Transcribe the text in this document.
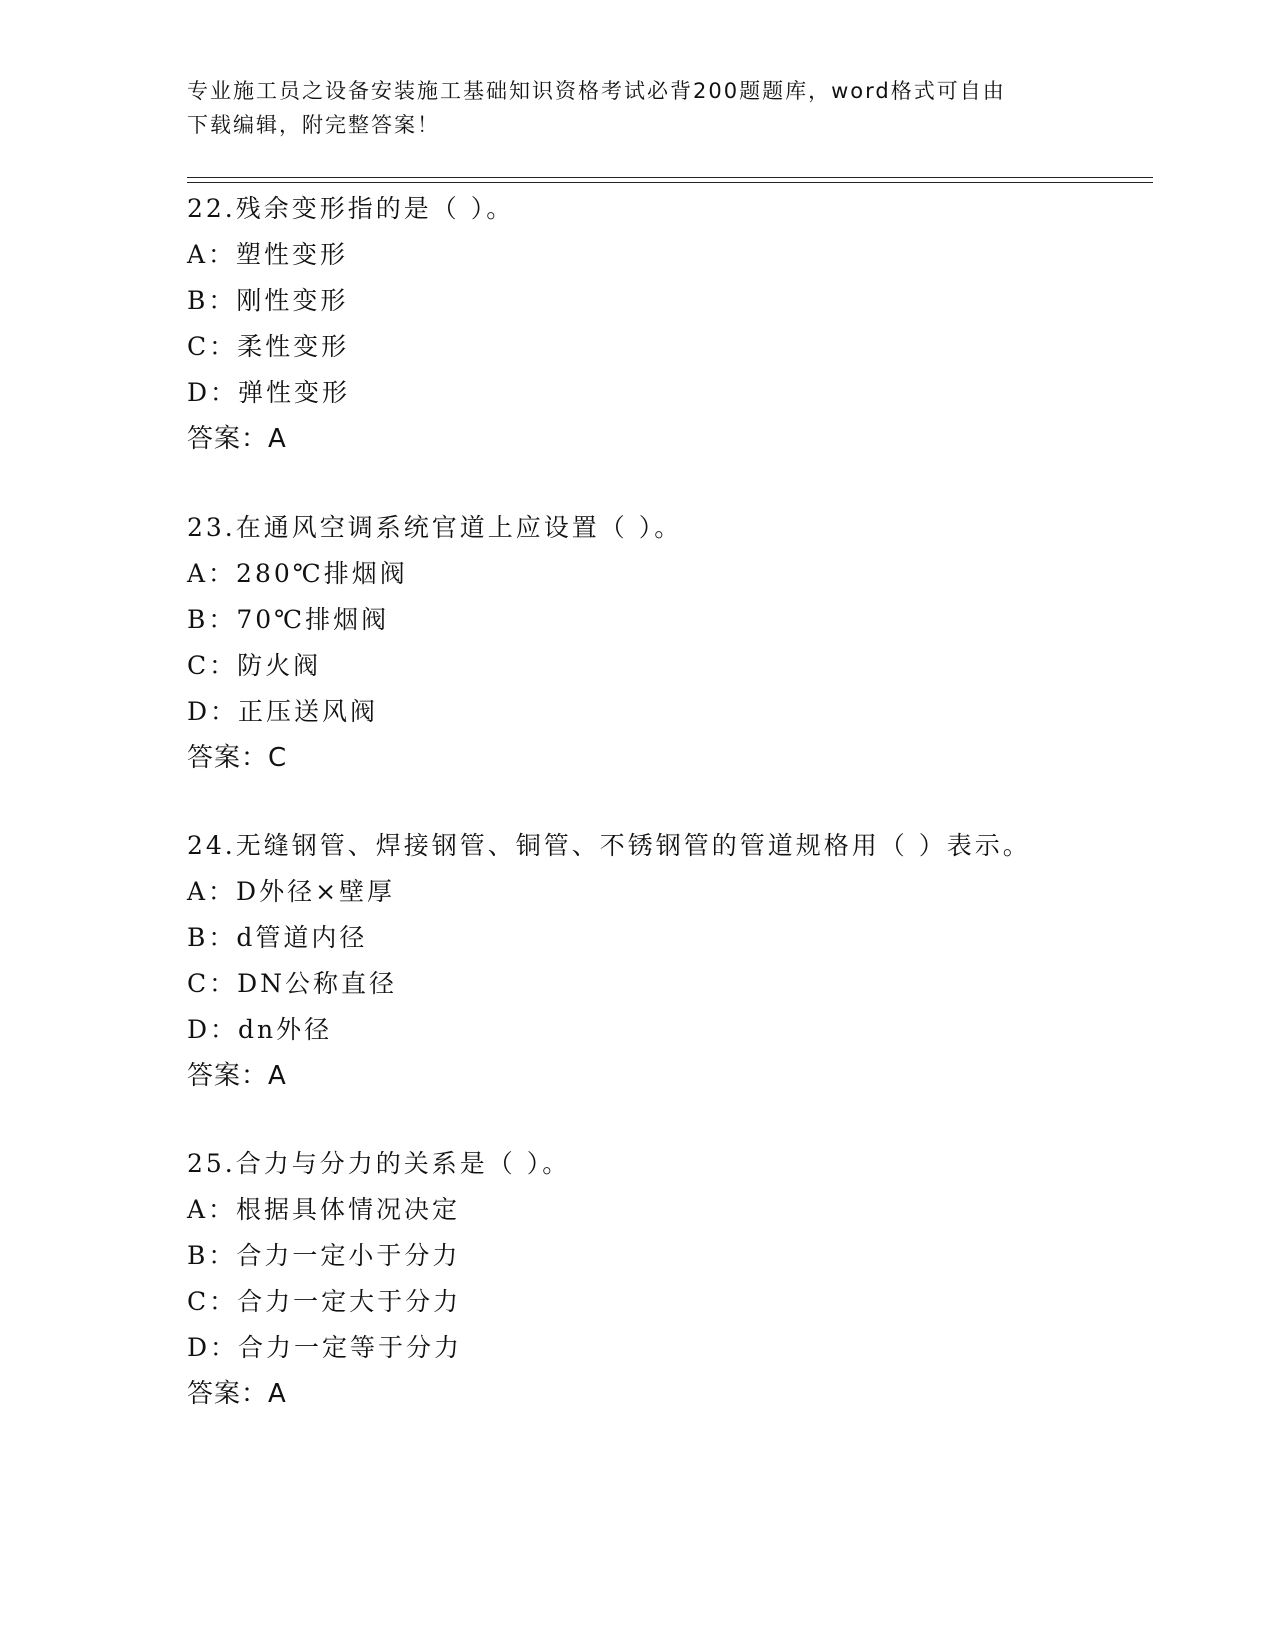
专业施工员之设备安装施工基础知识资格考试必背200题题库，word格式可自由
下载编辑，附完整答案！
22.残余变形指的是（ ）。
A：塑性变形
B：刚性变形
C：柔性变形
D：弹性变形
答案：A
23.在通风空调系统官道上应设置（ ）。
A：280℃排烟阀
B：70℃排烟阀
C：防火阀
D：正压送风阀
答案：C
24.无缝钢管、焊接钢管、铜管、不锈钢管的管道规格用（ ）表示。
A：D外径×壁厚
B：d管道内径
C：DN公称直径
D：dn外径
答案：A
25.合力与分力的关系是（ ）。
A：根据具体情况决定
B：合力一定小于分力
C：合力一定大于分力
D：合力一定等于分力
答案：A
